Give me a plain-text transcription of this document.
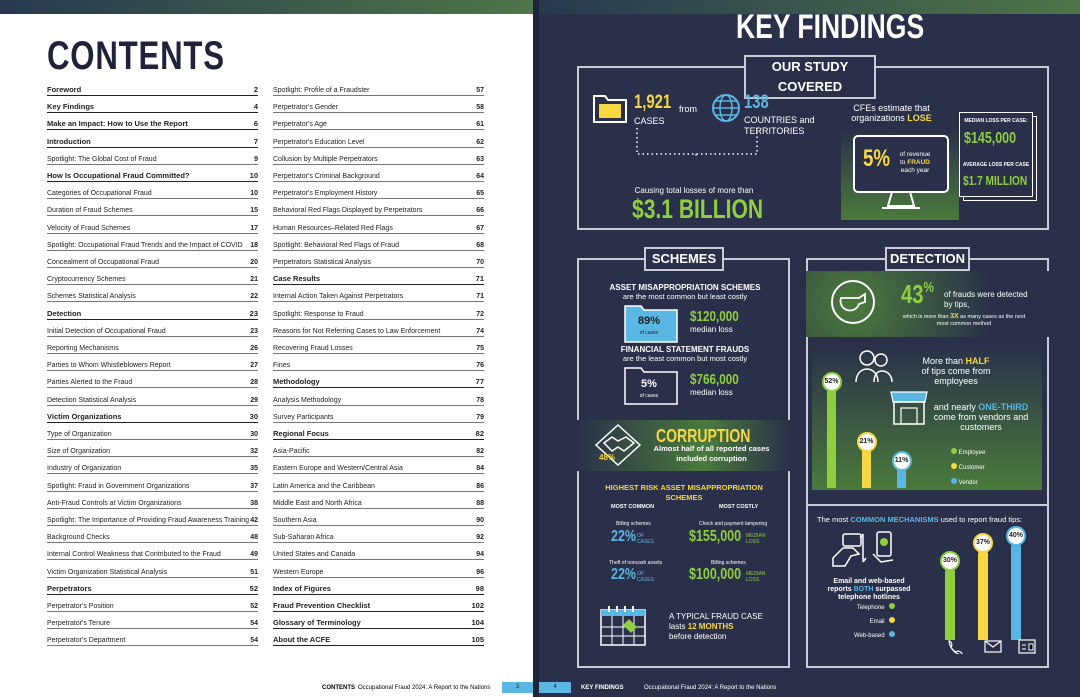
CONTENTS
Foreword	2
Key Findings	4
Make an Impact: How to Use the Report	6
Introduction	7
Spotlight: The Global Cost of Fraud	9
How Is Occupational Fraud Committed?	10
Categories of Occupational Fraud	10
Duration of Fraud Schemes	15
Velocity of Fraud Schemes	17
Spotlight: Occupational Fraud Trends and the Impact of COVID 18
Concealment of Occupational Fraud	20
Cryptocurrency Schemes	21
Schemes Statistical Analysis	22
Detection	23
Initial Detection of Occupational Fraud	23
Reporting Mechanisms	26
Parties to Whom Whistleblowers Report	27
Parties Alerted to the Fraud	28
Detection Statistical Analysis	29
Victim Organizations	30
Type of Organization	30
Size of Organization	32
Industry of Organization	35
Spotlight: Fraud in Government Organizations	37
Anti-Fraud Controls at Victim Organizations	38
Spotlight: The Importance of Providing Fraud Awareness Training 42
Background Checks	48
Internal Control Weakness that Contributed to the Fraud	49
Victim Organization Statistical Analysis	51
Perpetrators	52
Perpetrator's Position	52
Perpetrator's Tenure	54
Perpetrator's Department	54
Spotlight: Profile of a Fraudster	57
Perpetrator's Gender	58
Perpetrator's Age	61
Perpetrator's Education Level	62
Collusion by Multiple Perpetrators	63
Perpetrator's Criminal Background	64
Perpetrator's Employment History	65
Behavioral Red Flags Displayed by Perpetrators	66
Human Resources–Related Red Flags	67
Spotlight: Behavioral Red Flags of Fraud	68
Perpetrators Statistical Analysis	70
Case Results	71
Internal Action Taken Against Perpetrators	71
Spotlight: Response to Fraud	72
Reasons for Not Referring Cases to Law Enforcement	74
Recovering Fraud Losses	75
Fines	76
Methodology	77
Analysis Methodology	78
Survey Participants	79
Regional Focus	82
Asia-Pacific	82
Eastern Europe and Western/Central Asia	84
Latin America and the Caribbean	86
Middle East and North Africa	88
Southern Asia	90
Sub-Saharan Africa	92
United States and Canada	94
Western Europe	96
Index of Figures	98
Fraud Prevention Checklist	102
Glossary of Terminology	104
About the ACFE	105
CONTENTS Occupational Fraud 2024: A Report to the Nations	3
KEY FINDINGS
OUR STUDY COVERED
1,921
CASES
from 138
COUNTRIES and TERRITORIES
Causing total losses of more than
$3.1 BILLION
CFEs estimate that organizations LOSE
5%	of revenue
to FRAUD
each year
MEDIAN LOSS PER CASE:
$145,000
AVERAGE LOSS PER CASE
$1.7 MILLION
SCHEMES
ASSET MISAPPROPRIATION SCHEMES
are the most common but least costly
89%
of cases
$120,000
median loss
FINANCIAL STATEMENT FRAUDS
are the least common but most costly
5%
of cases
$766,000
median loss
48%
CORRUPTION
Almost half of all reported cases included corruption
HIGHEST RISK ASSET MISAPPROPRIATION SCHEMES
MOST COMMON	MOST COSTLY
Billing schemes
22% OF CASES
Theft of noncash assets
22% OF CASES
Check and payment tampering
$155,000 MEDIAN LOSS
Billing schemes
$100,000 MEDIAN LOSS
A TYPICAL FRAUD CASE
lasts 12 MONTHS
before detection
DETECTION
43% of frauds were detected by tips,
which is more than 3X as many cases as the next most common method
More than HALF
of tips come from employees
and nearly ONE-THIRD
come from vendors and customers
52%
21%
11%
Employee
Customer
Vendor
The most COMMON MECHANISMS used to report fraud tips:
Email and web-based reports BOTH surpassed telephone hotlines
Telephone
Email
Web-based
30%
37%
40%
4	KEY FINDINGS	Occupational Fraud 2024: A Report to the Nations
